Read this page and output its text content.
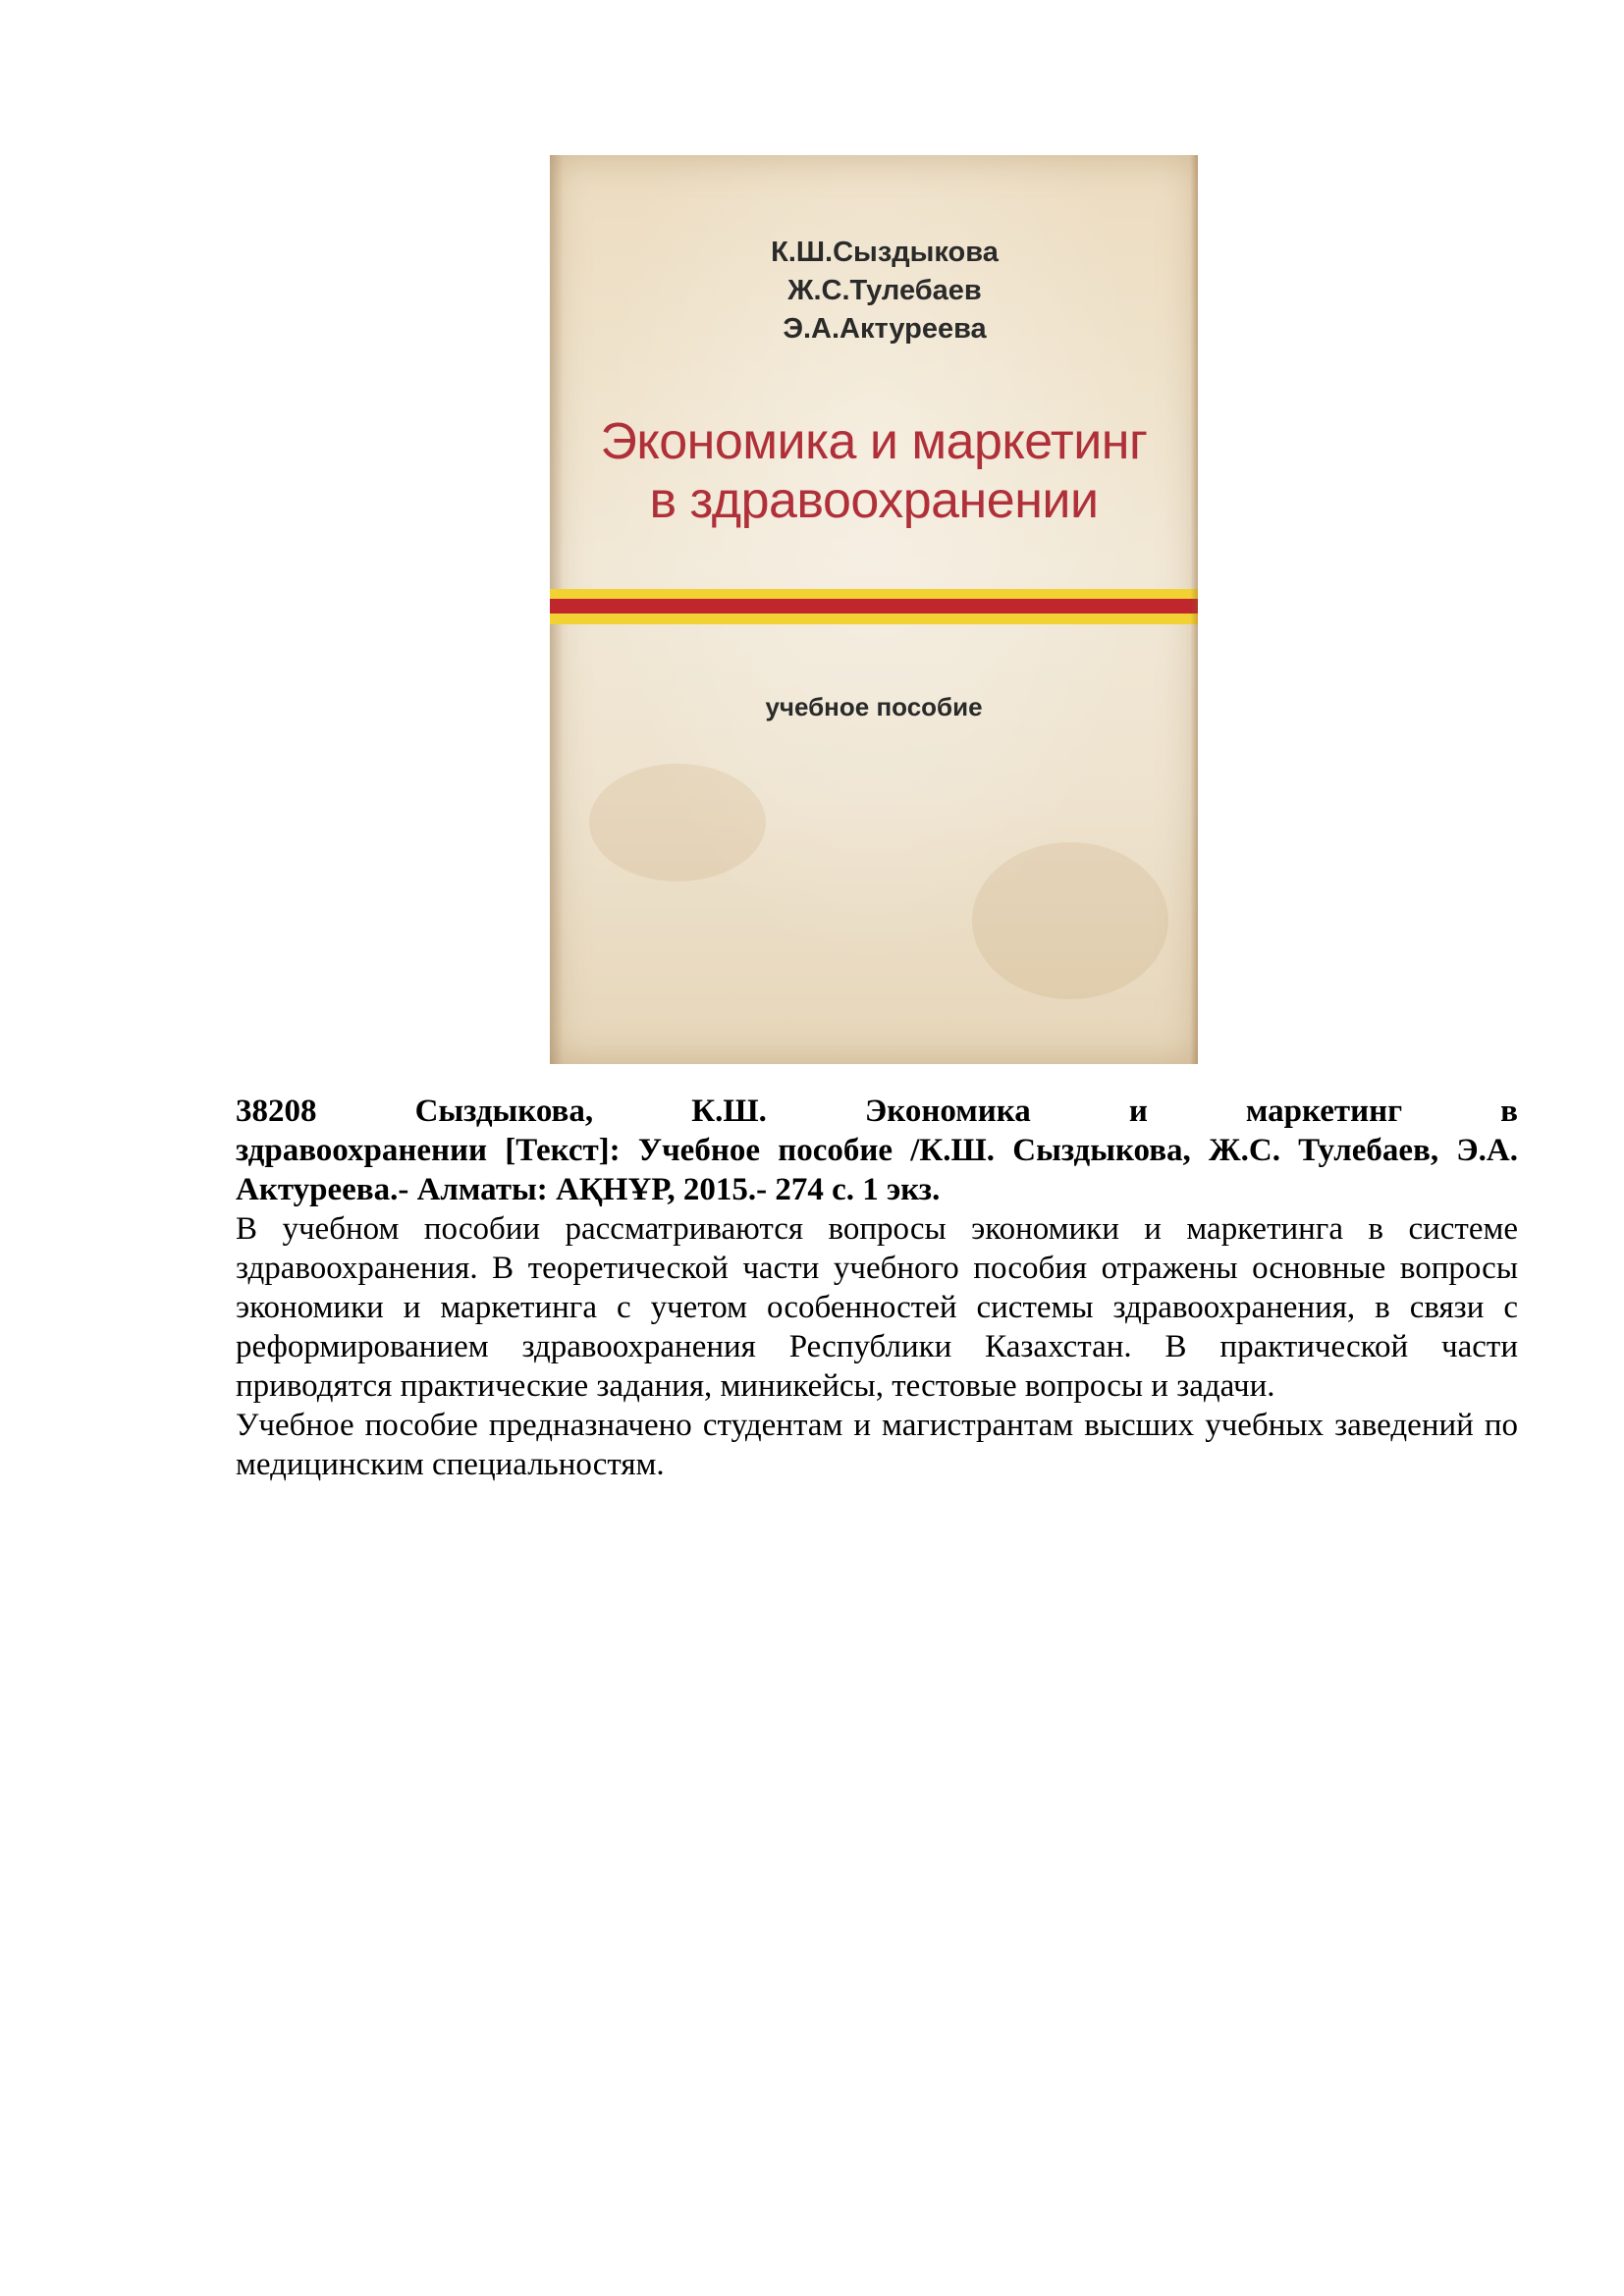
К.Ш.Сыздыкова
Ж.С.Тулебаев
Э.А.Актуреева
Экономика и маркетинг
в здравоохранении
учебное пособие
38208	Сыздыкова,	К.Ш.	Экономика	и	маркетинг	в
здравоохранении [Текст]: Учебное пособие /К.Ш. Сыздыкова, Ж.С. Тулебаев, Э.А. Актуреева.- Алматы: АҚНҰР, 2015.- 274 с. 1 экз.
В учебном пособии рассматриваются вопросы экономики и маркетинга в системе здравоохранения. В теоретической части учебного пособия отражены основные вопросы экономики и маркетинга с учетом особенностей системы здравоохранения, в связи с реформированием здравоохранения Республики Казахстан. В практической части приводятся практические задания, миникейсы, тестовые вопросы и задачи.
Учебное пособие предназначено студентам и магистрантам высших учебных заведений по медицинским специальностям.
